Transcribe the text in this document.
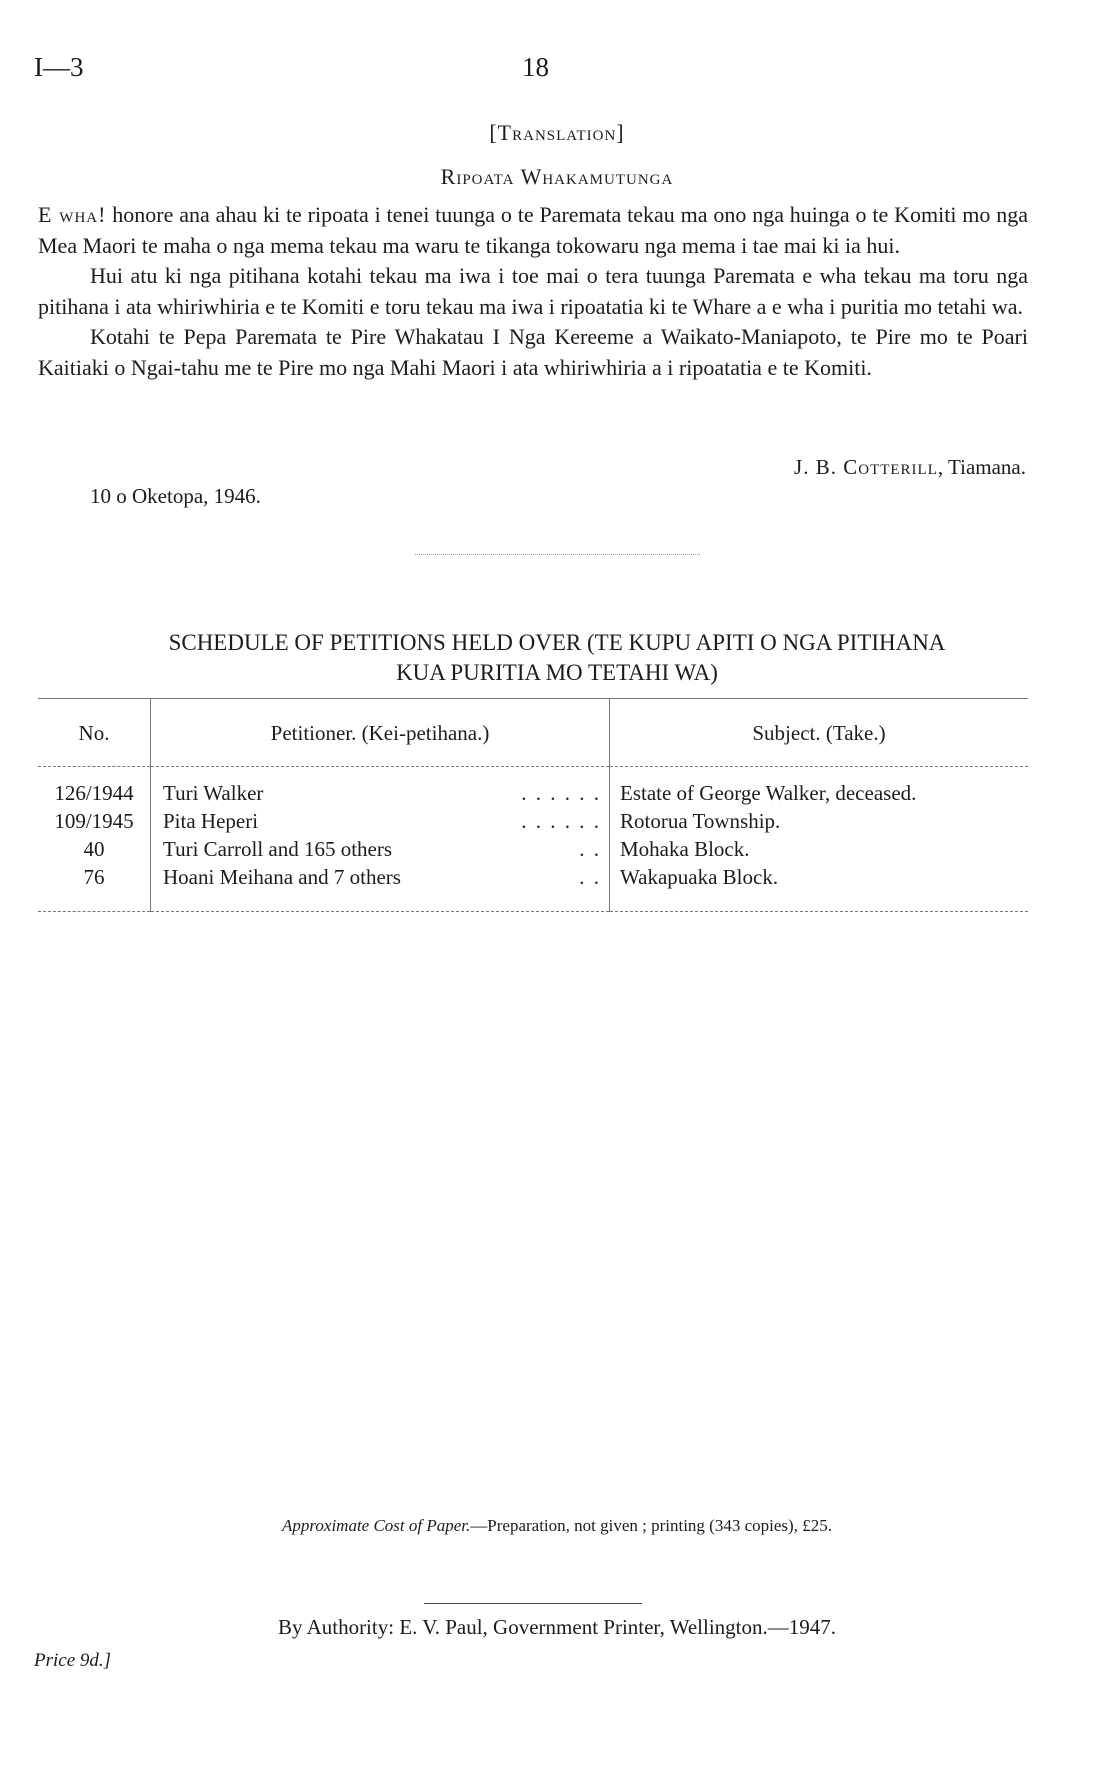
I—3	18
[Translation]
Ripoata Whakamutunga

E wha! honore ana ahau ki te ripoata i tenei tuunga o te Paremata tekau ma ono nga huinga o te Komiti mo nga Mea Maori te maha o nga mema tekau ma waru te tikanga tokowaru nga mema i tae mai ki ia hui.

Hui atu ki nga pitihana kotahi tekau ma iwa i toe mai o tera tuunga Paremata e wha tekau ma toru nga pitihana i ata whiriwhiria e te Komiti e toru tekau ma iwa i ripoatatia ki te Whare a e wha i puritia mo tetahi wa.

Kotahi te Pepa Paremata te Pire Whakatau I Nga Kereeme a Waikato-Maniapoto, te Pire mo te Poari Kaitiaki o Ngai-tahu me te Pire mo nga Mahi Maori i ata whiriwhiria a i ripoatatia e te Komiti.

J. B. Cotterill, Tiamana.
10 o Oketopa, 1946.
SCHEDULE OF PETITIONS HELD OVER (TE KUPU APITI O NGA PITIHANA
KUA PURITIA MO TETAHI WA)
No.	Petitioner. (Kei-petihana.)	Subject. (Take.)
126/1944	Turi Walker . . . . . .	Estate of George Walker, deceased.
109/1945	Pita Heperi . . . . . .	Rotorua Township.
40	Turi Carroll and 165 others . .	Mohaka Block.
76	Hoani Meihana and 7 others . .	Wakapuaka Block.
Approximate Cost of Paper.—Preparation, not given ; printing (343 copies), £25.
By Authority: E. V. Paul, Government Printer, Wellington.—1947.
Price 9d.]
